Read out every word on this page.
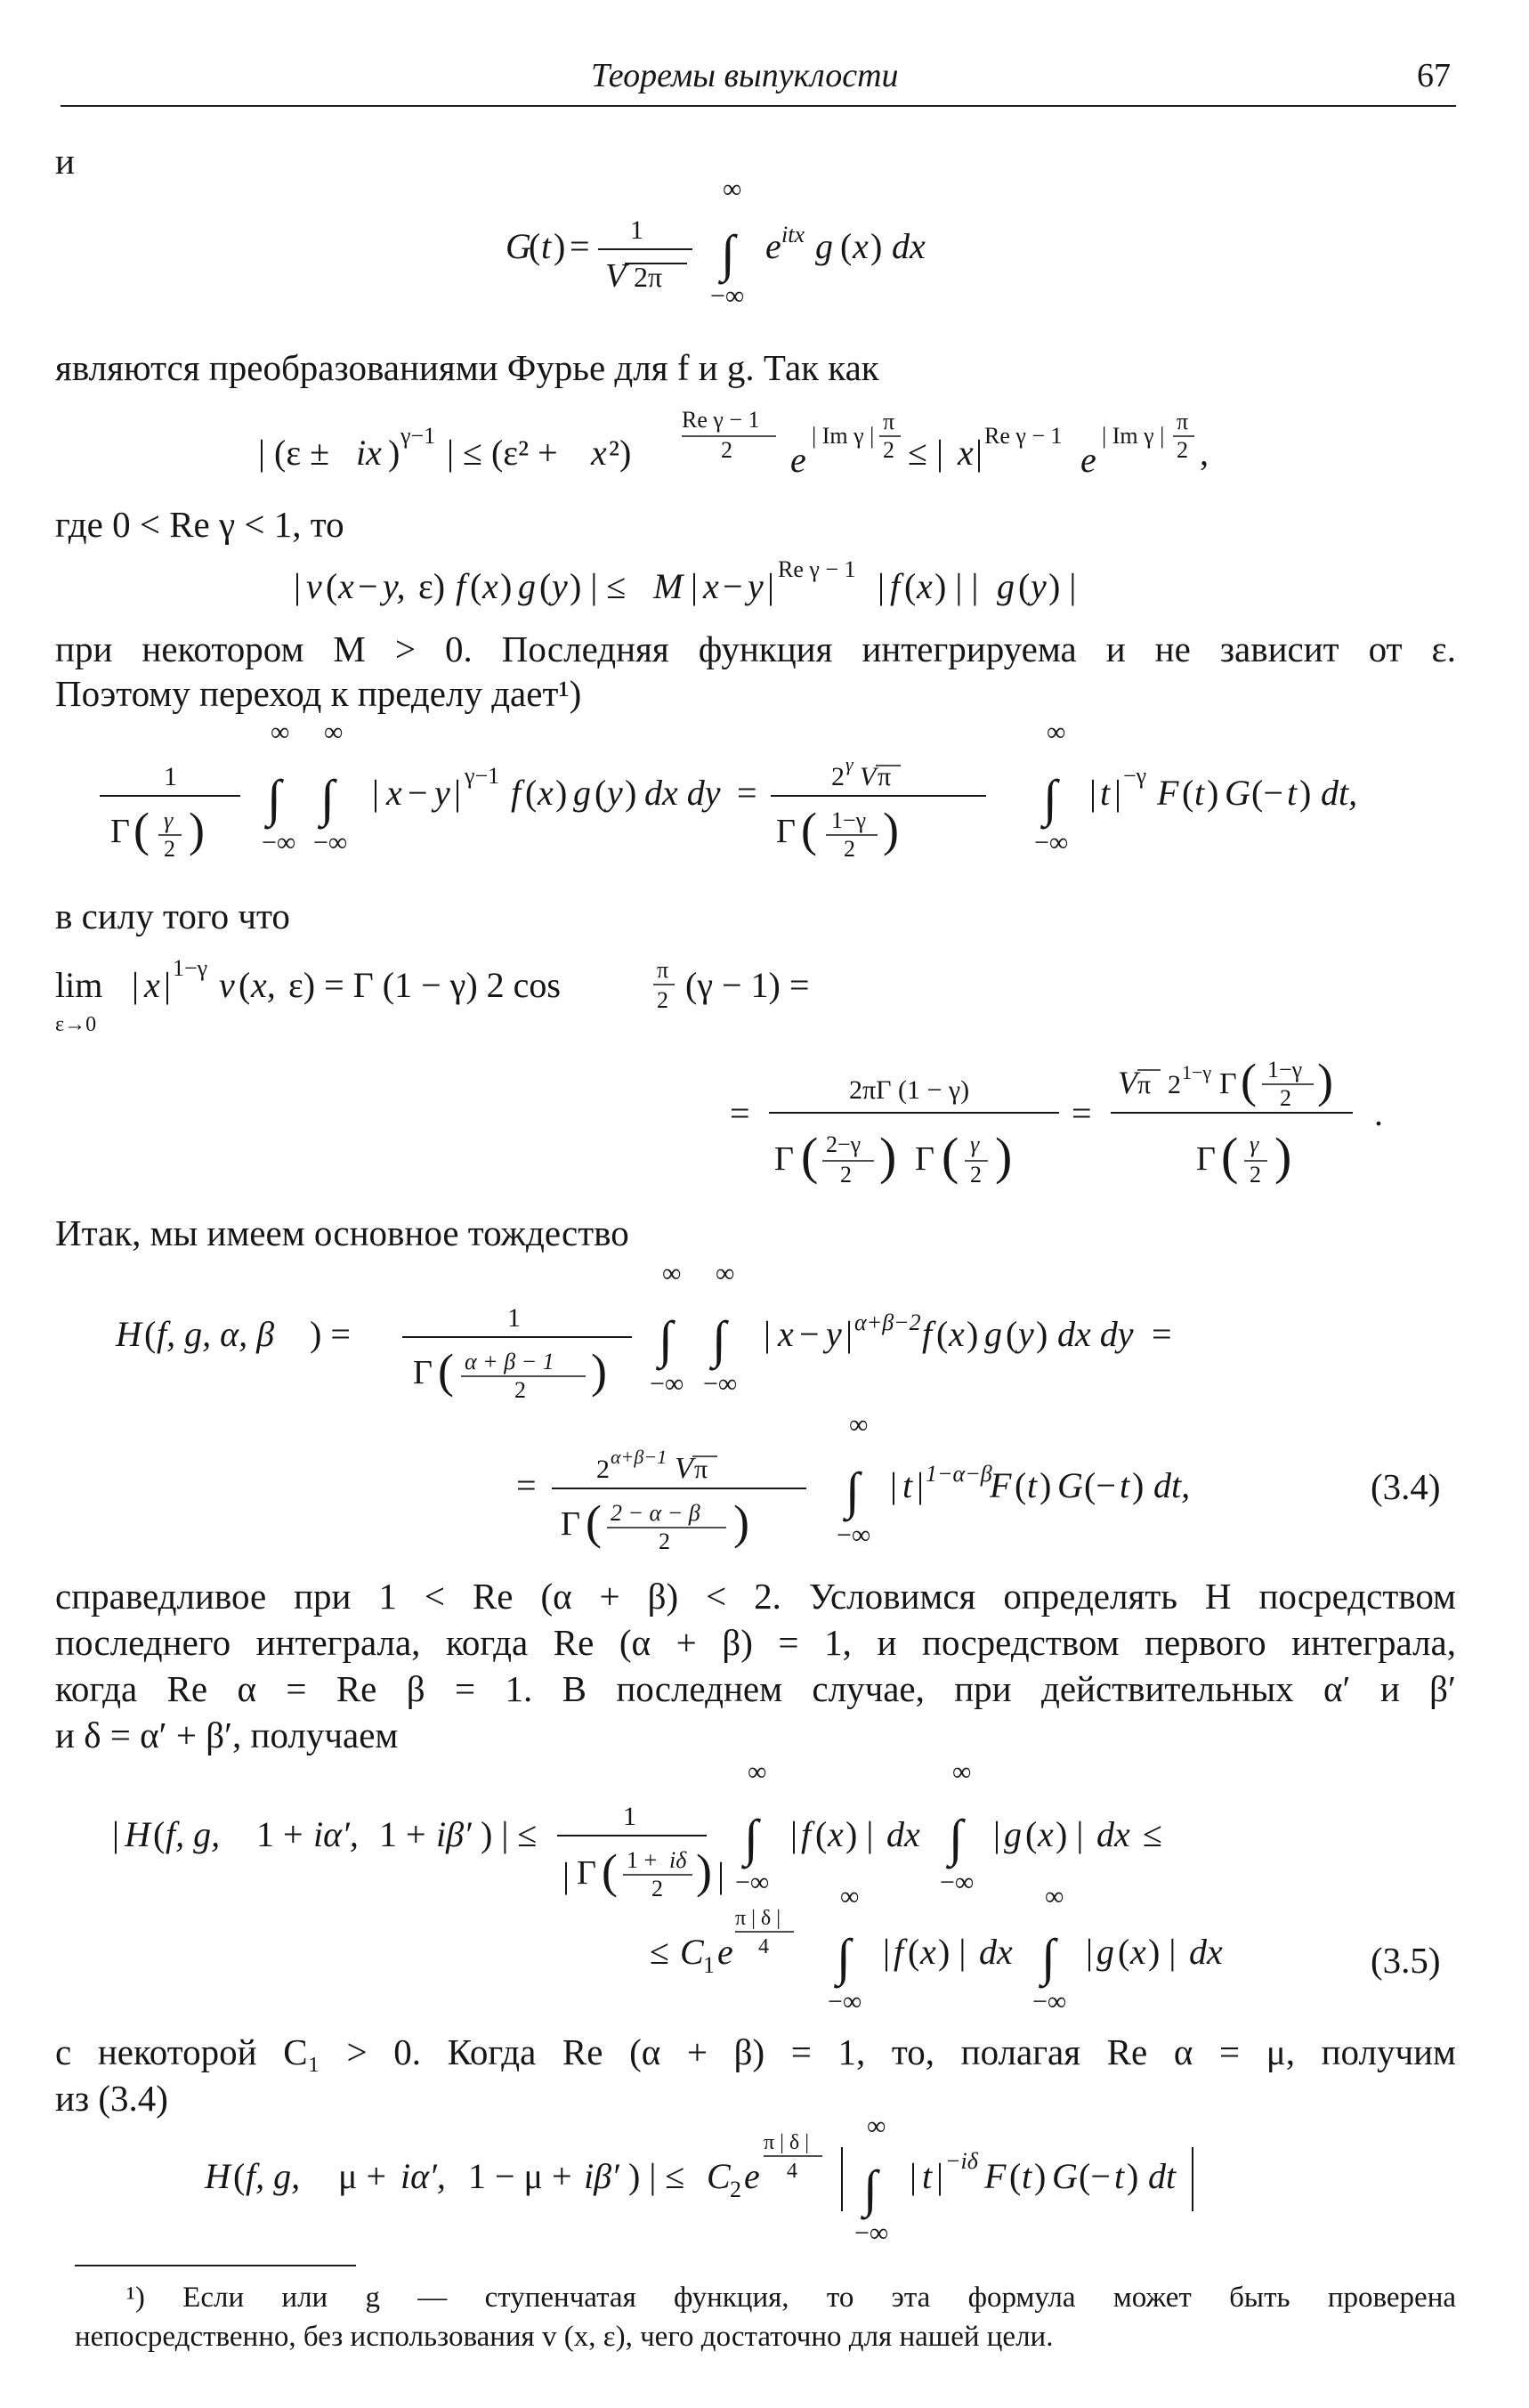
Теоремы выпуклости	67
и
G
( t ) = 1
V 2π
∞
∫
−∞
e itx g ( x ) dx
являются преобразованиями Фурье для f и g. Так как
| (ε ± ix ) γ−1 | ≤ (ε² + x ²)
Re γ − 1
2 e
| Im γ |
π
2 ≤ | x | Re γ − 1
e
| Im γ |
π
2 ,
где 0 < Re γ < 1, то
| v ( x − y, ε) f ( x ) g ( y ) | ≤ M | x − y | Re γ − 1 | f ( x ) | | g ( y ) |
при некотором M > 0. Последняя функция интегрируема и не зависит от ε.
Поэтому переход к пределу дает¹)
1
Γ ( γ
2 )
∞
∫
−∞
∞
∫
−∞
| x − y | γ−1 f ( x ) g ( y ) dx dy =	2 γ V π
Γ ( 1−γ
2 )
∞
∫
−∞
| t | −γ F ( t ) G (− t ) dt,
в силу того что
lim
ε→0
| x | 1−γ v ( x, ε) = Γ (1 − γ) 2 cos	π
2 (γ − 1) =
=
2πΓ (1 − γ)
Γ ( 2−γ
2 ) Γ ( γ
2 )
=
V π 2 1−γ Γ ( 1−γ
2 )
Γ ( γ
2 )
.
Итак, мы имеем основное тождество
H ( f, g, α, β ) =	1
Γ ( α + β − 1
2 )
∞
∫
−∞
∞
∫
−∞
| x − y | α+β−2 f ( x ) g ( y ) dx dy =
= 2 α+β−1 V π
Γ ( 2 − α − β
2 )
∞
∫
−∞
| t | 1−α−β
F ( t ) G (− t ) dt,	(3.4)
справедливое при 1 < Re (α + β) < 2. Условимся определять H посредством
последнего интеграла, когда Re (α + β) = 1, и посредством первого интеграла,
когда Re α = Re β = 1. В последнем случае, при действительных α′ и β′
и δ = α′ + β′, получаем
| H ( f, g, 1 + iα′, 1 + iβ′ ) | ≤	1
| Γ ( 1 + iδ
2 ) |
∞
∫
−∞
| f ( x ) | dx
∞
∫
−∞
| g ( x ) | dx ≤
≤ C 1 e
π | δ |
4
∞
∫
−∞
| f ( x ) | dx
∞
∫
−∞
| g ( x ) | dx	(3.5)
с некоторой C₁ > 0. Когда Re (α + β) = 1, то, полагая Re α = μ, получим
из (3.4)
H ( f, g, μ + iα′, 1 − μ + iβ′ ) | ≤ C 2 e
π | δ |
4
∞
∫
−∞
| t | −iδ F ( t ) G (− t ) dt
¹) Если или g — ступенчатая функция, то эта формула может быть проверена
непосредственно, без использования v (x, ε), чего достаточно для нашей цели.
